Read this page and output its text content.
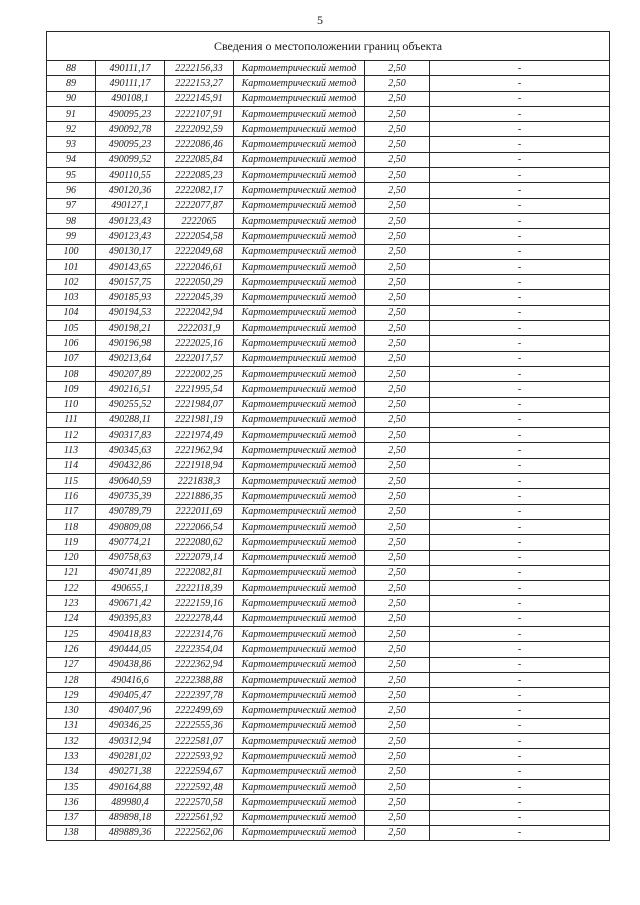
5
Сведения о местоположении границ объекта					
88	490111,17	2222156,33	Картометрический метод	2,50	-
89	490111,17	2222153,27	Картометрический метод	2,50	-
90	490108,1	2222145,91	Картометрический метод	2,50	-
91	490095,23	2222107,91	Картометрический метод	2,50	-
92	490092,78	2222092,59	Картометрический метод	2,50	-
93	490095,23	2222086,46	Картометрический метод	2,50	-
94	490099,52	2222085,84	Картометрический метод	2,50	-
95	490110,55	2222085,23	Картометрический метод	2,50	-
96	490120,36	2222082,17	Картометрический метод	2,50	-
97	490127,1	2222077,87	Картометрический метод	2,50	-
98	490123,43	2222065	Картометрический метод	2,50	-
99	490123,43	2222054,58	Картометрический метод	2,50	-
100	490130,17	2222049,68	Картометрический метод	2,50	-
101	490143,65	2222046,61	Картометрический метод	2,50	-
102	490157,75	2222050,29	Картометрический метод	2,50	-
103	490185,93	2222045,39	Картометрический метод	2,50	-
104	490194,53	2222042,94	Картометрический метод	2,50	-
105	490198,21	2222031,9	Картометрический метод	2,50	-
106	490196,98	2222025,16	Картометрический метод	2,50	-
107	490213,64	2222017,57	Картометрический метод	2,50	-
108	490207,89	2222002,25	Картометрический метод	2,50	-
109	490216,51	2221995,54	Картометрический метод	2,50	-
110	490255,52	2221984,07	Картометрический метод	2,50	-
111	490288,11	2221981,19	Картометрический метод	2,50	-
112	490317,83	2221974,49	Картометрический метод	2,50	-
113	490345,63	2221962,94	Картометрический метод	2,50	-
114	490432,86	2221918,94	Картометрический метод	2,50	-
115	490640,59	2221838,3	Картометрический метод	2,50	-
116	490735,39	2221886,35	Картометрический метод	2,50	-
117	490789,79	2222011,69	Картометрический метод	2,50	-
118	490809,08	2222066,54	Картометрический метод	2,50	-
119	490774,21	2222080,62	Картометрический метод	2,50	-
120	490758,63	2222079,14	Картометрический метод	2,50	-
121	490741,89	2222082,81	Картометрический метод	2,50	-
122	490655,1	2222118,39	Картометрический метод	2,50	-
123	490671,42	2222159,16	Картометрический метод	2,50	-
124	490395,83	2222278,44	Картометрический метод	2,50	-
125	490418,83	2222314,76	Картометрический метод	2,50	-
126	490444,05	2222354,04	Картометрический метод	2,50	-
127	490438,86	2222362,94	Картометрический метод	2,50	-
128	490416,6	2222388,88	Картометрический метод	2,50	-
129	490405,47	2222397,78	Картометрический метод	2,50	-
130	490407,96	2222499,69	Картометрический метод	2,50	-
131	490346,25	2222555,36	Картометрический метод	2,50	-
132	490312,94	2222581,07	Картометрический метод	2,50	-
133	490281,02	2222593,92	Картометрический метод	2,50	-
134	490271,38	2222594,67	Картометрический метод	2,50	-
135	490164,88	2222592,48	Картометрический метод	2,50	-
136	489980,4	2222570,58	Картометрический метод	2,50	-
137	489898,18	2222561,92	Картометрический метод	2,50	-
138	489889,36	2222562,06	Картометрический метод	2,50	-
